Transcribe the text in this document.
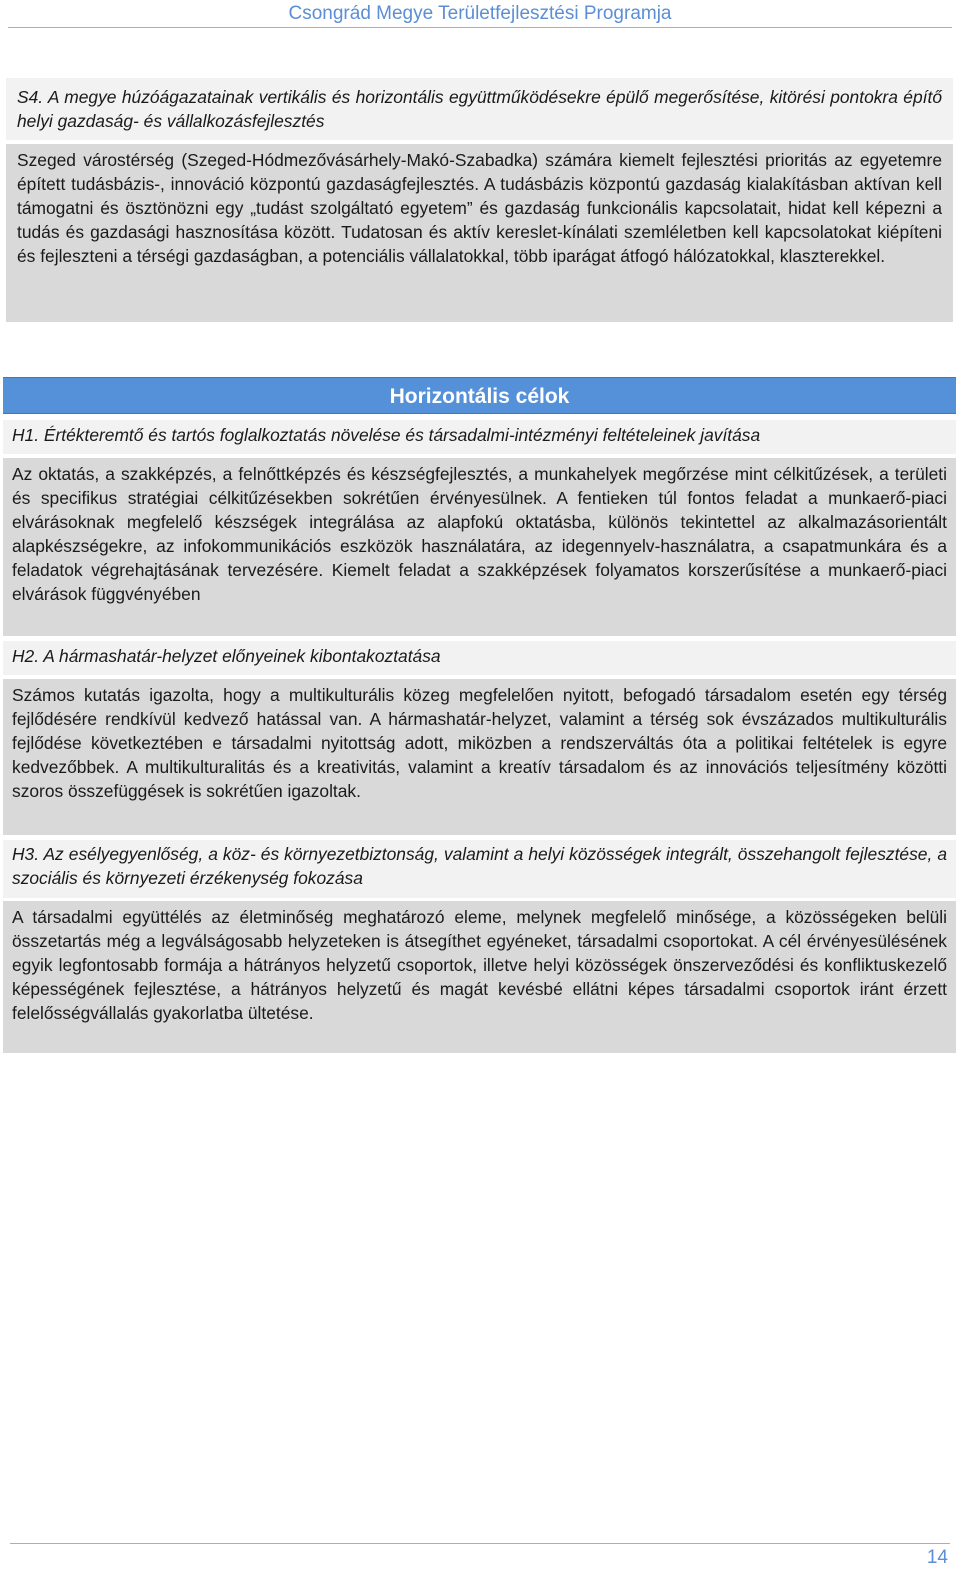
Csongrád Megye Területfejlesztési Programja

S4. A megye húzóágazatainak vertikális és horizontális együttműködésekre épülő megerősítése, kitörési pontokra építő helyi gazdaság- és vállalkozásfejlesztés

Szeged várostérség (Szeged-Hódmezővásárhely-Makó-Szabadka) számára kiemelt fejlesztési prioritás az egyetemre épített tudásbázis-, innováció központú gazdaságfejlesztés. A tudásbázis központú gazdaság kialakításban aktívan kell támogatni és ösztönözni egy „tudást szolgáltató egyetem” és gazdaság funkcionális kapcsolatait, hidat kell képezni a tudás és gazdasági hasznosítása között. Tudatosan és aktív kereslet-kínálati szemléletben kell kapcsolatokat kiépíteni és fejleszteni a térségi gazdaságban, a potenciális vállalatokkal, több iparágat átfogó hálózatokkal, klaszterekkel.

Horizontális célok

H1. Értékteremtő és tartós foglalkoztatás növelése és társadalmi-intézményi feltételeinek javítása

Az oktatás, a szakképzés, a felnőttképzés és készségfejlesztés, a munkahelyek megőrzése mint célkitűzések, a területi és specifikus stratégiai célkitűzésekben sokrétűen érvényesülnek. A fentieken túl fontos feladat a munkaerő-piaci elvárásoknak megfelelő készségek integrálása az alapfokú oktatásba, különös tekintettel az alkalmazásorientált alapkészségekre, az infokommunikációs eszközök használatára, az idegennyelv-használatra, a csapatmunkára és a feladatok végrehajtásának tervezésére. Kiemelt feladat a szakképzések folyamatos korszerűsítése a munkaerő-piaci elvárások függvényében

H2. A hármashatár-helyzet előnyeinek kibontakoztatása

Számos kutatás igazolta, hogy a multikulturális közeg megfelelően nyitott, befogadó társadalom esetén egy térség fejlődésére rendkívül kedvező hatással van. A hármashatár-helyzet, valamint a térség sok évszázados multikulturális fejlődése következtében e társadalmi nyitottság adott, miközben a rendszerváltás óta a politikai feltételek is egyre kedvezőbbek. A multikulturalitás és a kreativitás, valamint a kreatív társadalom és az innovációs teljesítmény közötti szoros összefüggések is sokrétűen igazoltak.

H3. Az esélyegyenlőség, a köz- és környezetbiztonság, valamint a helyi közösségek integrált, összehangolt fejlesztése, a szociális és környezeti érzékenység fokozása

A társadalmi együttélés az életminőség meghatározó eleme, melynek megfelelő minősége, a közösségeken belüli összetartás még a legválságosabb helyzeteken is átsegíthet egyéneket, társadalmi csoportokat. A cél érvényesülésének egyik legfontosabb formája a hátrányos helyzetű csoportok, illetve helyi közösségek önszerveződési és konfliktuskezelő képességének fejlesztése, a hátrányos helyzetű és magát kevésbé ellátni képes társadalmi csoportok iránt érzett felelősségvállalás gyakorlatba ültetése.

14
